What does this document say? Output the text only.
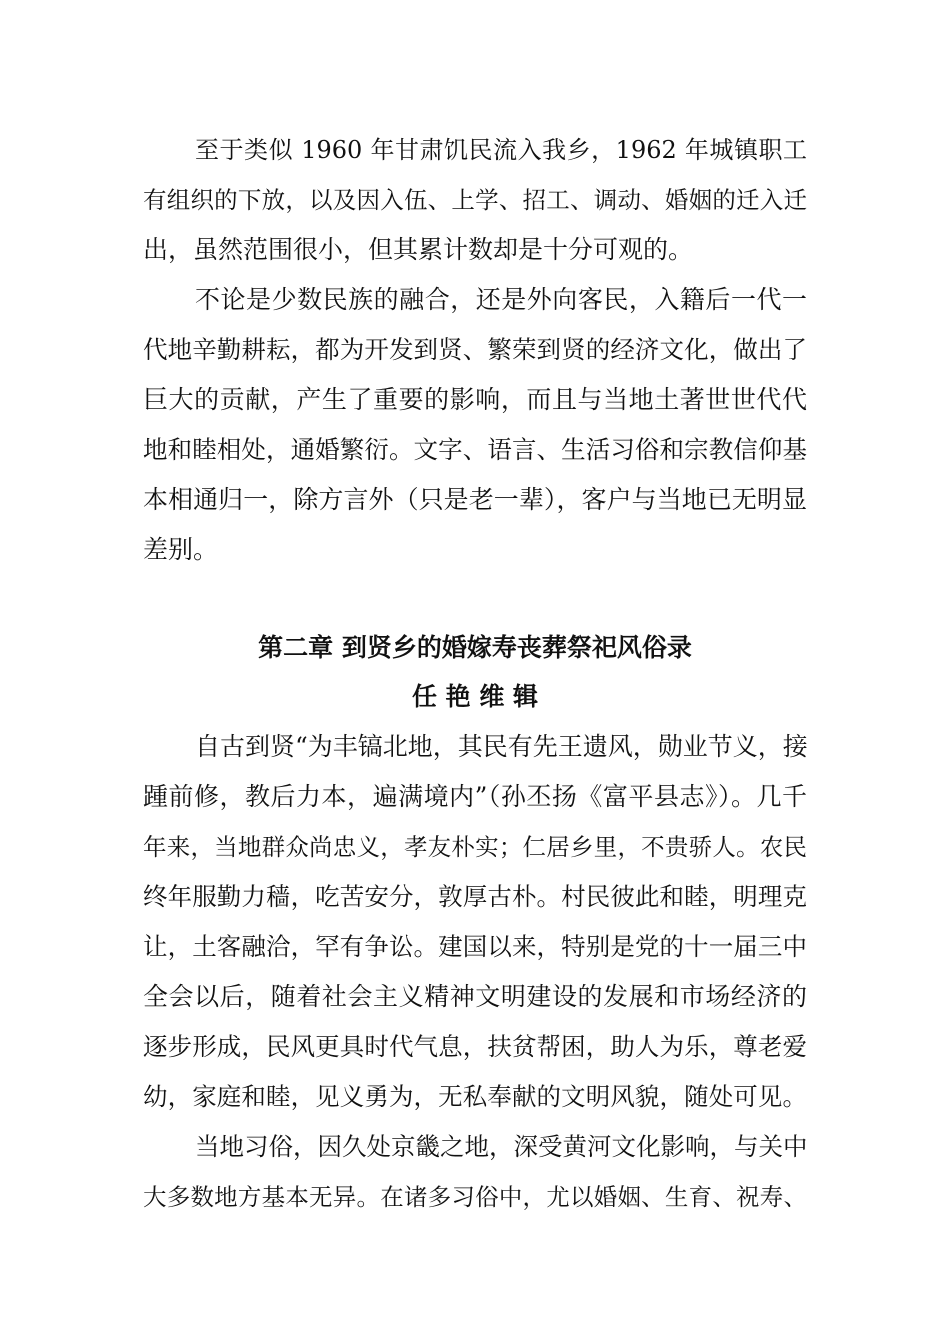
至于类似 1960 年甘肃饥民流入我乡，1962 年城镇职工
有组织的下放，以及因入伍、上学、招工、调动、婚姻的迁入迁
出，虽然范围很小，但其累计数却是十分可观的。
不论是少数民族的融合，还是外向客民，入籍后一代一
代地辛勤耕耘，都为开发到贤、繁荣到贤的经济文化，做出了
巨大的贡献，产生了重要的影响，而且与当地土著世世代代
地和睦相处，通婚繁衍。文字、语言、生活习俗和宗教信仰基
本相通归一，除方言外（只是老一辈），客户与当地已无明显
差别。
第二章 到贤乡的婚嫁寿丧葬祭祀风俗录
任 艳 维 辑
自古到贤“为丰镐北地，其民有先王遗风，勋业节义，接
踵前修，教后力本，遍满境内”（孙丕扬《富平县志》）。几千
年来，当地群众尚忠义，孝友朴实；仁居乡里，不贵骄人。农民
终年服勤力穑，吃苦安分，敦厚古朴。村民彼此和睦，明理克
让，土客融洽，罕有争讼。建国以来，特别是党的十一届三中
全会以后，随着社会主义精神文明建设的发展和市场经济的
逐步形成，民风更具时代气息，扶贫帮困，助人为乐，尊老爱
幼，家庭和睦，见义勇为，无私奉献的文明风貌，随处可见。
当地习俗，因久处京畿之地，深受黄河文化影响，与关中
大多数地方基本无异。在诸多习俗中，尤以婚姻、生育、祝寿、
